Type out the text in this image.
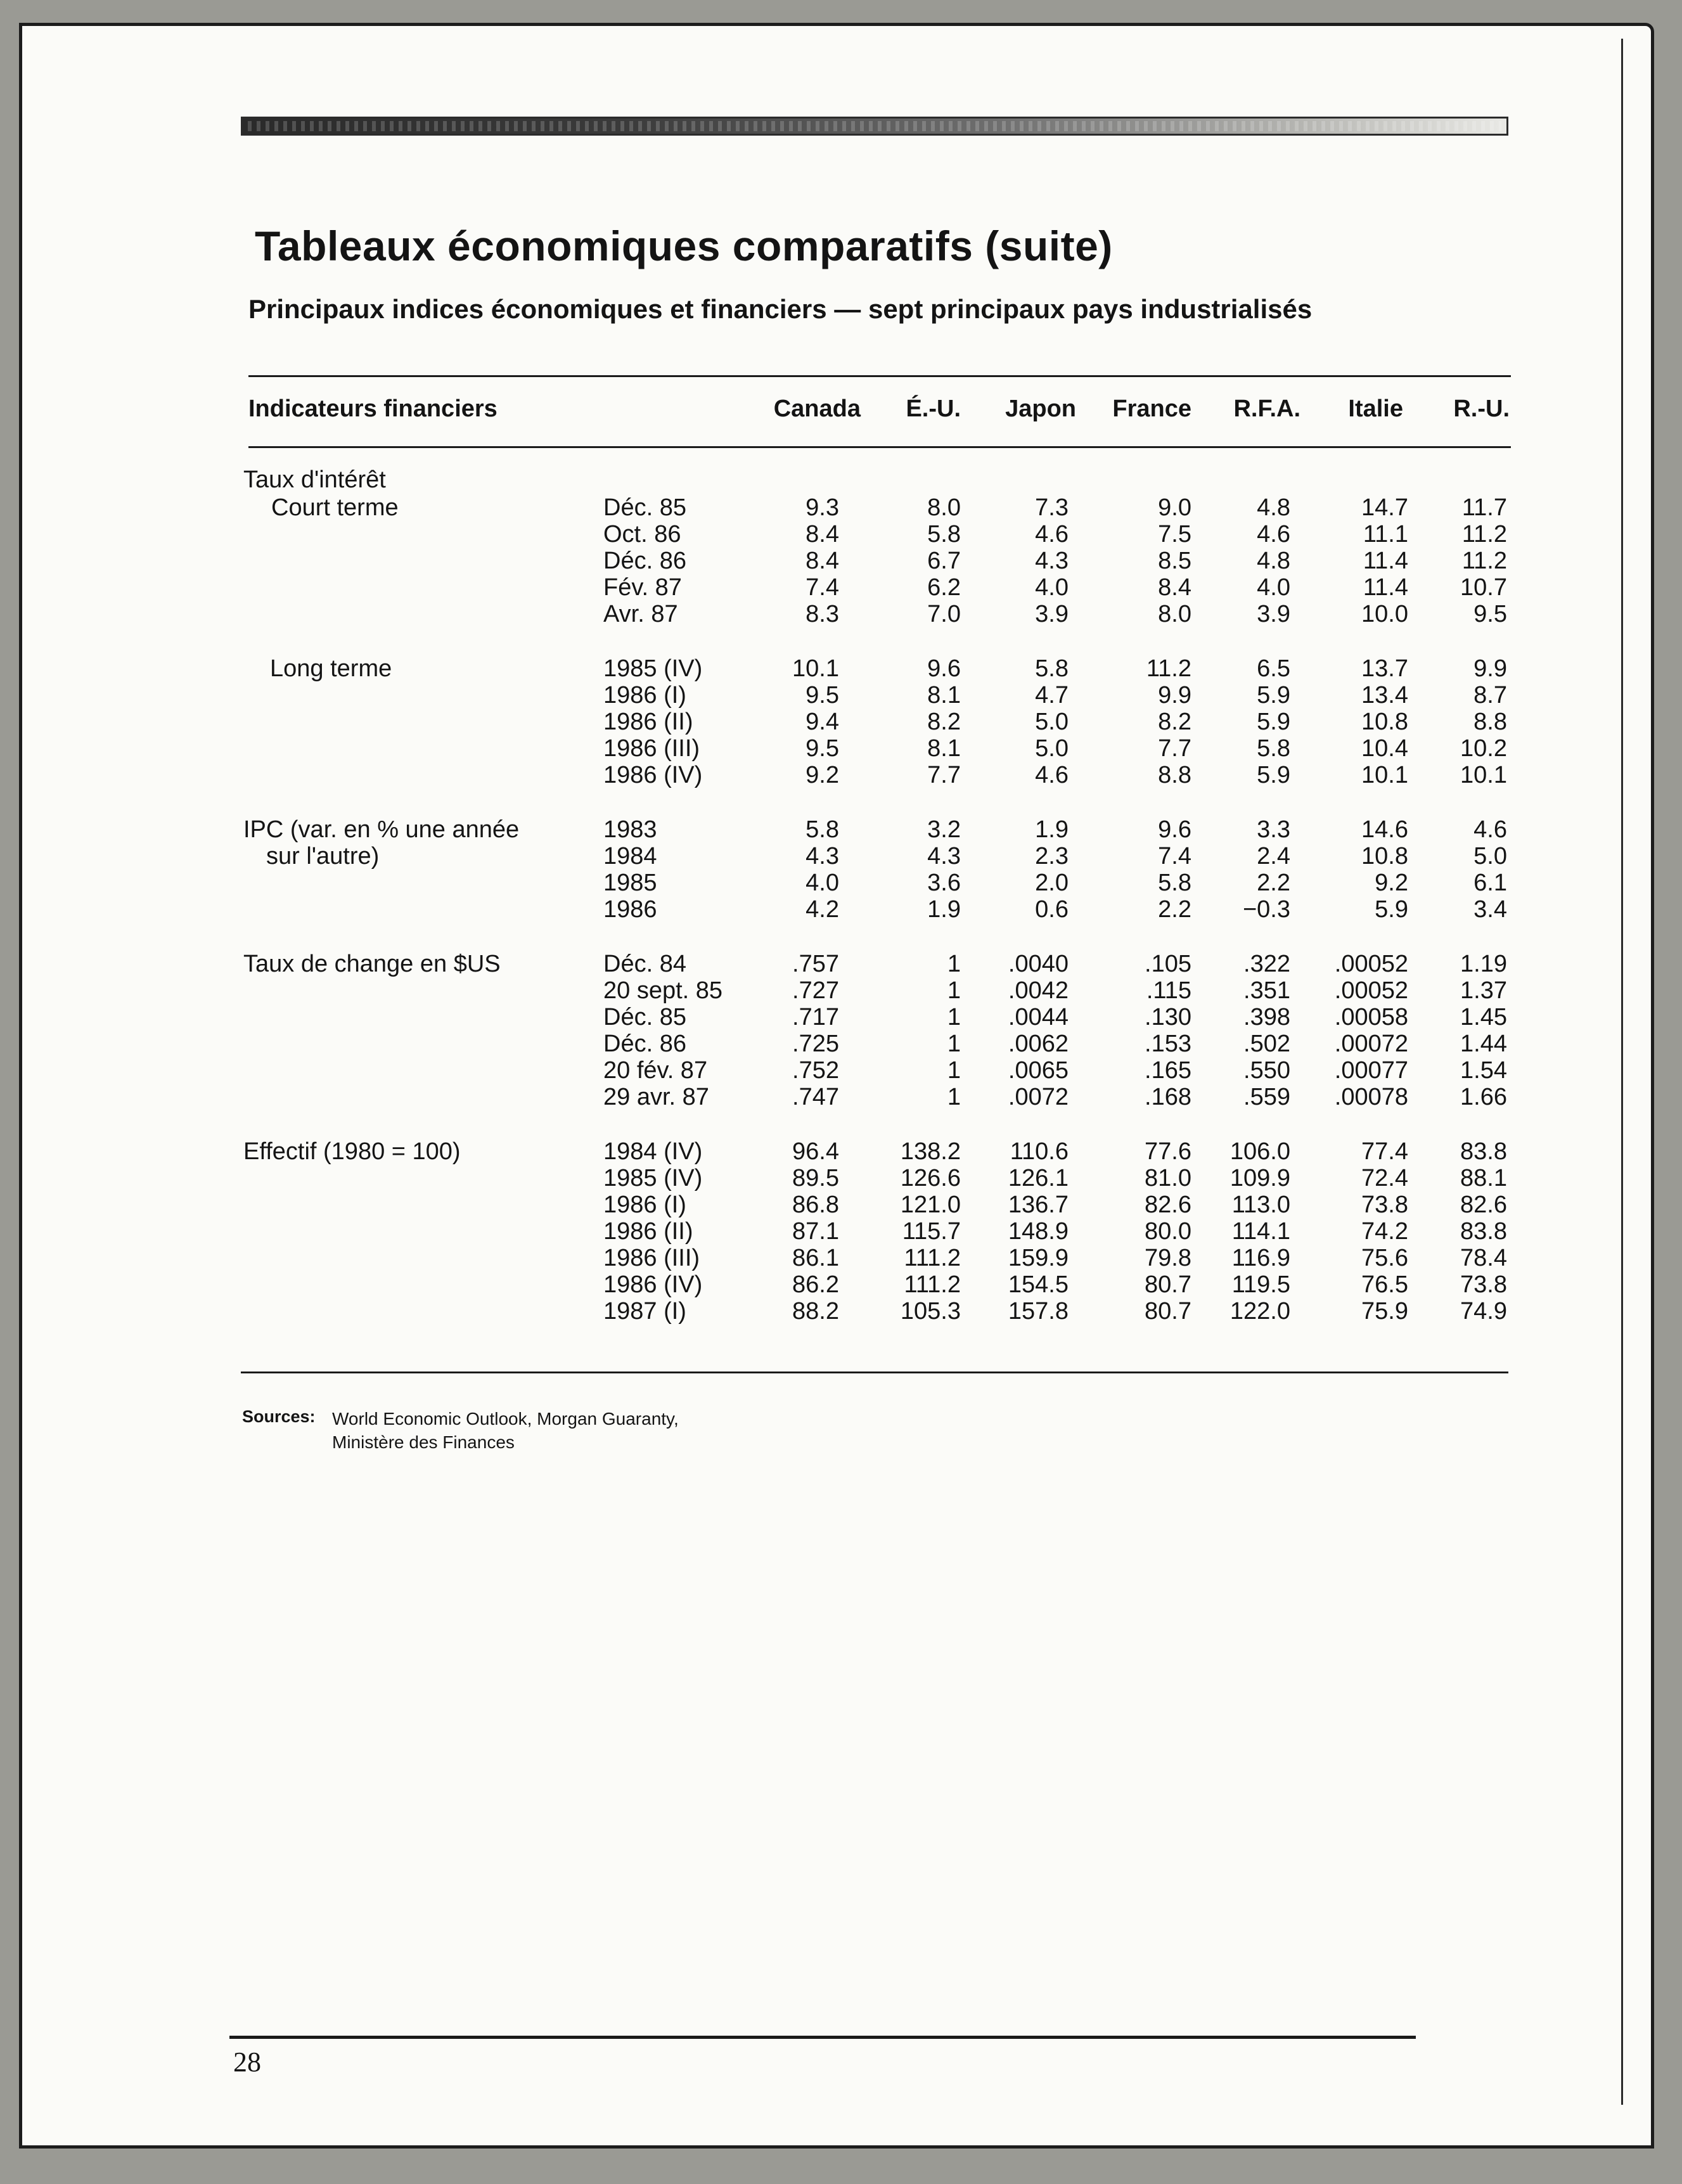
Tableaux économiques comparatifs (suite)
Principaux indices économiques et financiers — sept principaux pays industrialisés
Indicateurs financiers	Canada É.-U. Japon France R.F.A. Italie R.-U.
Taux d'intérêt
Court terme	Déc. 85	9.3	8.0	7.3	9.0	4.8	14.7 11.7
Oct. 86	8.4	5.8	4.6	7.5	4.6	11.1 11.2
Déc. 86	8.4	6.7	4.3	8.5	4.8	11.4 11.2
Fév. 87	7.4	6.2	4.0	8.4	4.0	11.4 10.7
Avr. 87	8.3	7.0	3.9	8.0	3.9	10.0	9.5
Long terme	1985 (IV)	10.1	9.6	5.8	11.2	6.5	13.7	9.9
1986 (I)	9.5	8.1	4.7	9.9	5.9	13.4	8.7
1986 (II)	9.4	8.2	5.0	8.2	5.9	10.8	8.8
1986 (III)	9.5	8.1	5.0	7.7	5.8	10.4 10.2
1986 (IV)	9.2	7.7	4.6	8.8	5.9	10.1 10.1
IPC (var. en % une année	1983	5.8	3.2	1.9	9.6	3.3	14.6	4.6
sur l'autre)	1984	4.3	4.3	2.3	7.4	2.4	10.8	5.0
1985	4.0	3.6	2.0	5.8	2.2	9.2	6.1
1986	4.2	1.9	0.6	2.2 −0.3	5.9	3.4
Taux de change en $US	Déc. 84	.757	1 .0040	.105 .322 .00052 1.19
20 sept. 85	.727	1 .0042	.115 .351 .00052 1.37
Déc. 85	.717	1 .0044	.130 .398 .00058 1.45
Déc. 86	.725	1 .0062	.153 .502 .00072 1.44
20 fév. 87	.752	1 .0065	.165 .550 .00077 1.54
29 avr. 87	.747	1 .0072	.168 .559 .00078 1.66
Effectif (1980 = 100)	1984 (IV)	96.4	138.2 110.6	77.6 106.0	77.4 83.8
1985 (IV)	89.5	126.6 126.1	81.0 109.9	72.4 88.1
1986 (I)	86.8	121.0 136.7	82.6 113.0	73.8 82.6
1986 (II)	87.1	115.7 148.9	80.0 114.1	74.2 83.8
1986 (III)	86.1	111.2 159.9	79.8 116.9	75.6 78.4
1986 (IV)	86.2	111.2 154.5	80.7 119.5	76.5 73.8
1987 (I)	88.2	105.3 157.8	80.7 122.0	75.9 74.9
Sources: World Economic Outlook, Morgan Guaranty,
Ministère des Finances
28
